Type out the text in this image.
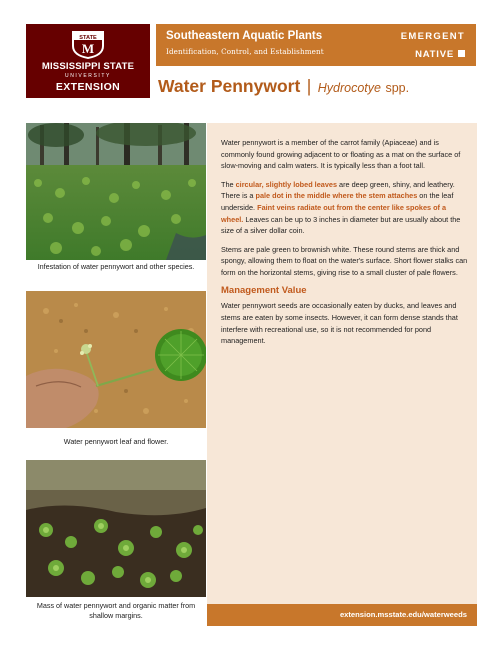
STATE
M
MISSISSIPPI STATE
UNIVERSITY
EXTENSION
Southeastern Aquatic Plants
Identification, Control, and Establishment
EMERGENT
NATIVE
Water Pennywort | Hydrocotye spp.
Infestation of water pennywort and other species.
Water pennywort leaf and flower.
Mass of water pennywort and organic matter from shallow margins.

Water pennywort is a member of the carrot family (Apiaceae) and is commonly found growing adjacent to or floating as a mat on the surface of slow-moving and calm waters. It is typically less than a foot tall.

The circular, slightly lobed leaves are deep green, shiny, and leathery. There is a pale dot in the middle where the stem attaches on the leaf underside. Faint veins radiate out from the center like spokes of a wheel. Leaves can be up to 3 inches in diameter but are usually about the size of a silver dollar coin.

Stems are pale green to brownish white. These round stems are thick and spongy, allowing them to float on the water's surface. Short flower stalks can form on the horizontal stems, giving rise to a small cluster of pale flowers.

Management Value

Water pennywort seeds are occasionally eaten by ducks, and leaves and stems are eaten by some insects. However, it can form dense stands that interfere with recreational use, so it is not recommended for pond management.

extension.msstate.edu/waterweeds
